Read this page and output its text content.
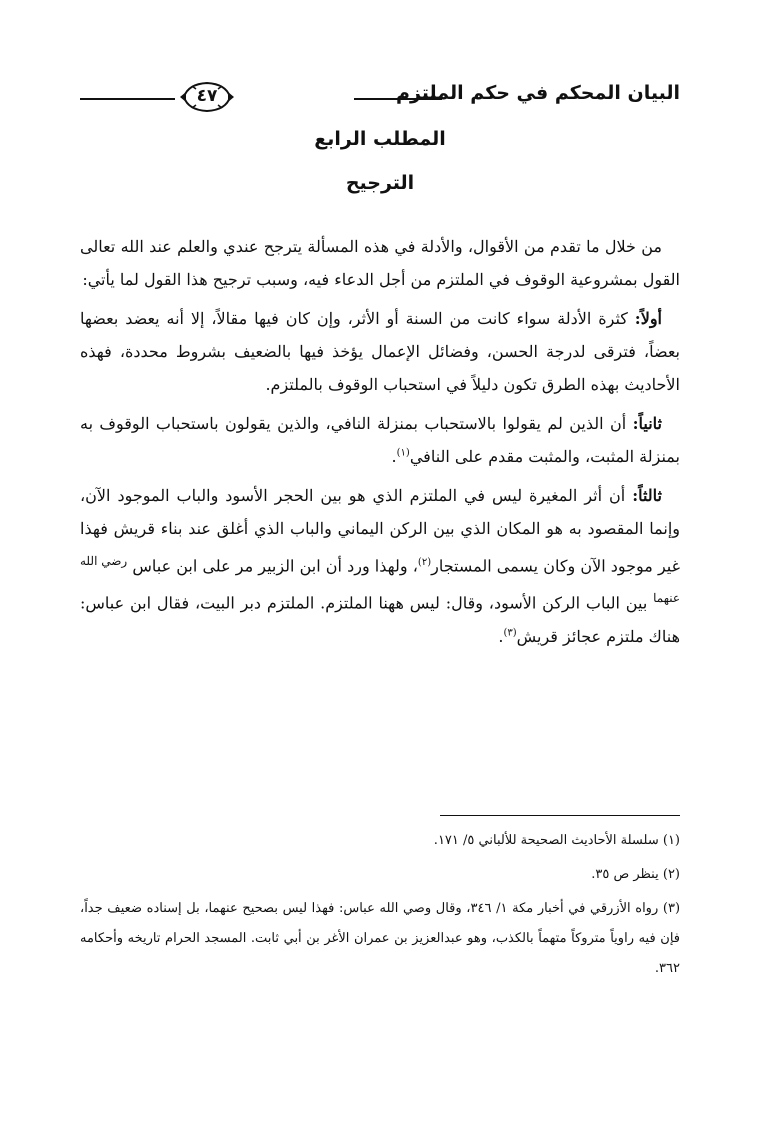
البيان المحكم في حكم الملتزم
٤٧
المطلب الرابع
الترجيح

من خلال ما تقدم من الأقوال، والأدلة في هذه المسألة يترجح عندي والعلم عند الله تعالى القول بمشروعية الوقوف في الملتزم من أجل الدعاء فيه، وسبب ترجيح هذا القول لما يأتي:

أولاً: كثرة الأدلة سواء كانت من السنة أو الأثر، وإن كان فيها مقالاً، إلا أنه يعضد بعضها بعضاً، فترقى لدرجة الحسن، وفضائل الإعمال يؤخذ فيها بالضعيف بشروط محددة، فهذه الأحاديث بهذه الطرق تكون دليلاً في استحباب الوقوف بالملتزم.

ثانياً: أن الذين لم يقولوا بالاستحباب بمنزلة النافي، والذين يقولون باستحباب الوقوف به بمنزلة المثبت، والمثبت مقدم على النافي$^{(١)}$.

ثالثاً: أن أثر المغيرة ليس في الملتزم الذي هو بين الحجر الأسود والباب الموجود الآن، وإنما المقصود به هو المكان الذي بين الركن اليماني والباب الذي أغلق عند بناء قريش فهذا غير موجود الآن وكان يسمى المستجار$^{(٢)}$، ولهذا ورد أن ابن الزبير مر على ابن عباس $^{رضي الله عنهما}$ بين الباب الركن الأسود، وقال: ليس ههنا الملتزم. الملتزم دبر البيت، فقال ابن عباس: هناك ملتزم عجائز قريش$^{(٣)}$.

(١) سلسلة الأحاديث الصحيحة للألباني ٥/ ١٧١.

(٢) ينظر ص ٣٥.

(٣) رواه الأزرقي في أخبار مكة ١/ ٣٤٦، وقال وصي الله عباس: فهذا ليس بصحيح عنهما، بل إسناده ضعيف جداً، فإن فيه راوياً متروكاً متهماً بالكذب، وهو عبدالعزيز بن عمران الأغر بن أبي ثابت. المسجد الحرام تاريخه وأحكامه ٣٦٢.
